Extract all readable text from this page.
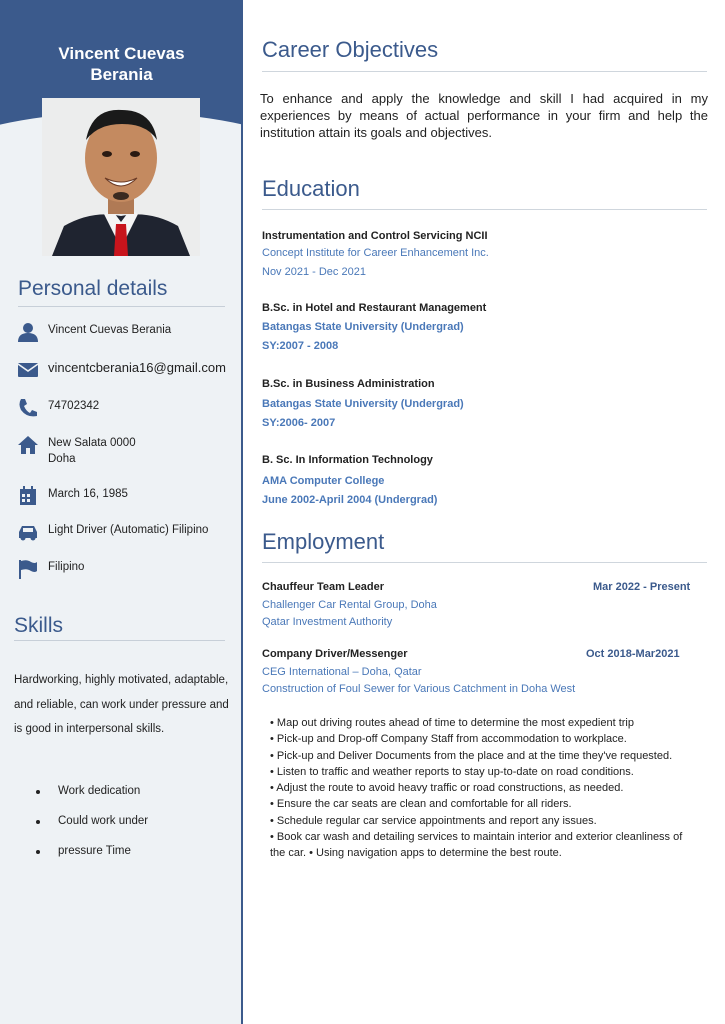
Vincent Cuevas
Berania
Personal details
Vincent Cuevas Berania
vincentcberania16@gmail.com
74702342
New Salata 0000
Doha
March 16, 1985
Light Driver (Automatic) Filipino
Filipino
Skills
Hardworking, highly motivated, adaptable, and reliable, can work under pressure and is good in interpersonal skills.
Work dedication
Could work under
pressure Time
Career Objectives
To enhance and apply the knowledge and skill I had acquired in my experiences by means of actual performance in your firm and help the institution attain its goals and objectives.
Education
Instrumentation and Control Servicing NCII
Concept Institute for Career Enhancement Inc.
Nov 2021 - Dec 2021
B.Sc. in Hotel and Restaurant Management
Batangas State University (Undergrad)
SY:2007 - 2008
B.Sc. in Business Administration
Batangas State University (Undergrad)
SY:2006- 2007
B. Sc. In Information Technology
AMA Computer College
June 2002-April 2004 (Undergrad)
Employment
Chauffeur Team Leader	Mar 2022 - Present
Challenger Car Rental Group, Doha
Qatar Investment Authority
Company Driver/Messenger	Oct 2018-Mar2021
CEG International – Doha, Qatar
Construction of Foul Sewer for Various Catchment in Doha West
• Map out driving routes ahead of time to determine the most expedient trip
• Pick-up and Drop-off Company Staff from accommodation to workplace.
• Pick-up and Deliver Documents from the place and at the time they've requested.
• Listen to traffic and weather reports to stay up-to-date on road conditions.
• Adjust the route to avoid heavy traffic or road constructions, as needed.
• Ensure the car seats are clean and comfortable for all riders.
• Schedule regular car service appointments and report any issues.
• Book car wash and detailing services to maintain interior and exterior cleanliness of the car. • Using navigation apps to determine the best route.
